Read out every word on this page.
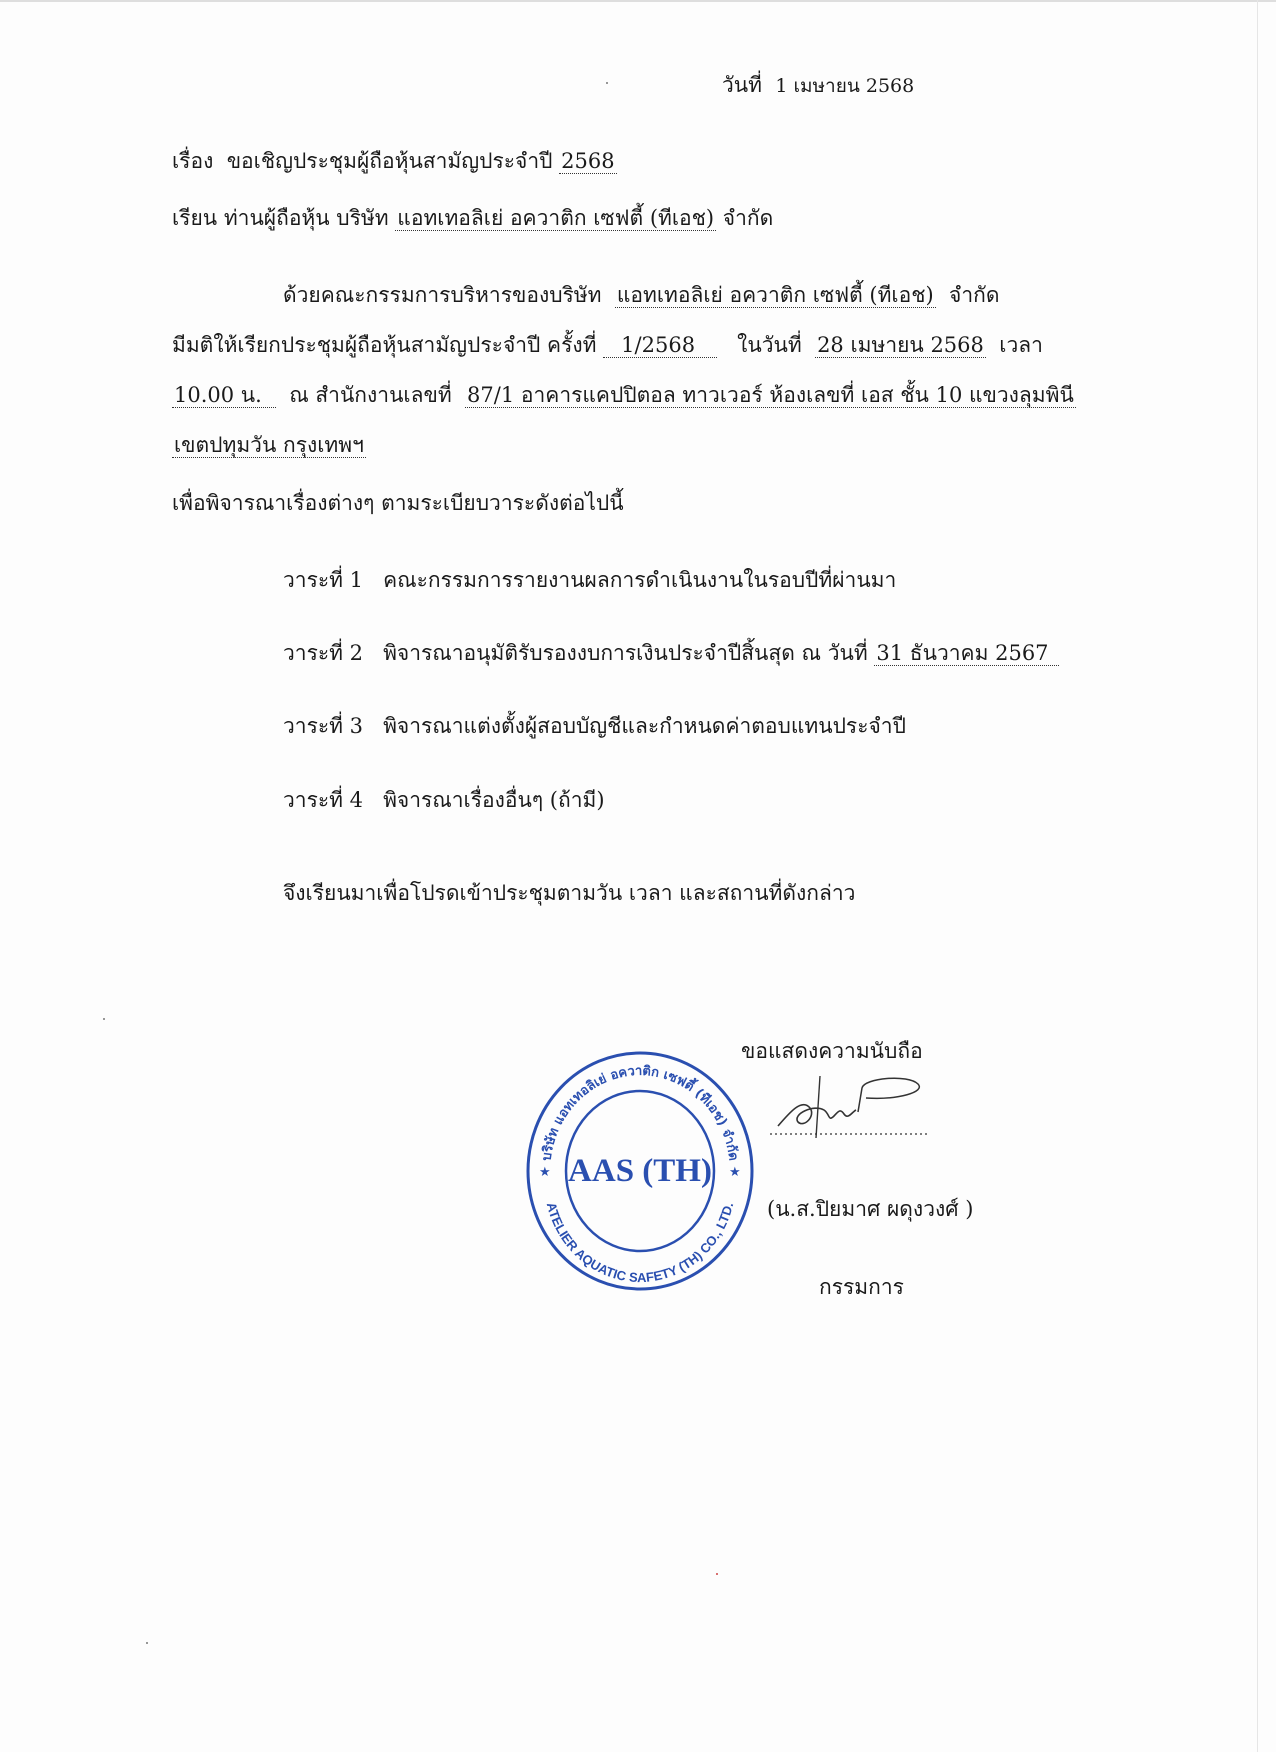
วันที่ 1 เมษายน 2568
เรื่อง ขอเชิญประชุมผู้ถือหุ้นสามัญประจำปี 2568
เรียน ท่านผู้ถือหุ้น บริษัท แอทเทอลิเย่ อควาติก เซฟตี้ (ทีเอช) จำกัด
ด้วยคณะกรรมการบริหารของบริษัท แอทเทอลิเย่ อควาติก เซฟตี้ (ทีเอช) จำกัด
มีมติให้เรียกประชุมผู้ถือหุ้นสามัญประจำปี ครั้งที่ 1/2568 ในวันที่ 28 เมษายน 2568 เวลา
10.00 น. ณ สำนักงานเลขที่ 87/1 อาคารแคปปิตอล ทาวเวอร์ ห้องเลขที่ เอส ชั้น 10 แขวงลุมพินี
เขตปทุมวัน กรุงเทพฯ
เพื่อพิจารณาเรื่องต่างๆ ตามระเบียบวาระดังต่อไปนี้
วาระที่ 1 คณะกรรมการรายงานผลการดำเนินงานในรอบปีที่ผ่านมา
วาระที่ 2 พิจารณาอนุมัติรับรองงบการเงินประจำปีสิ้นสุด ณ วันที่ 31 ธันวาคม 2567
วาระที่ 3 พิจารณาแต่งตั้งผู้สอบบัญชีและกำหนดค่าตอบแทนประจำปี
วาระที่ 4 พิจารณาเรื่องอื่นๆ (ถ้ามี)
จึงเรียนมาเพื่อโปรดเข้าประชุมตามวัน เวลา และสถานที่ดังกล่าว
ขอแสดงความนับถือ
(น.ส.ปิยมาศ ผดุงวงศ์ )
กรรมการ
บริษัท แอทเทอลิเย่ อควาติก เซฟตี้ (ทีเอช) จำกัด
ATELIER AQUATIC SAFETY (TH) CO., LTD.
★	★
AAS (TH)
